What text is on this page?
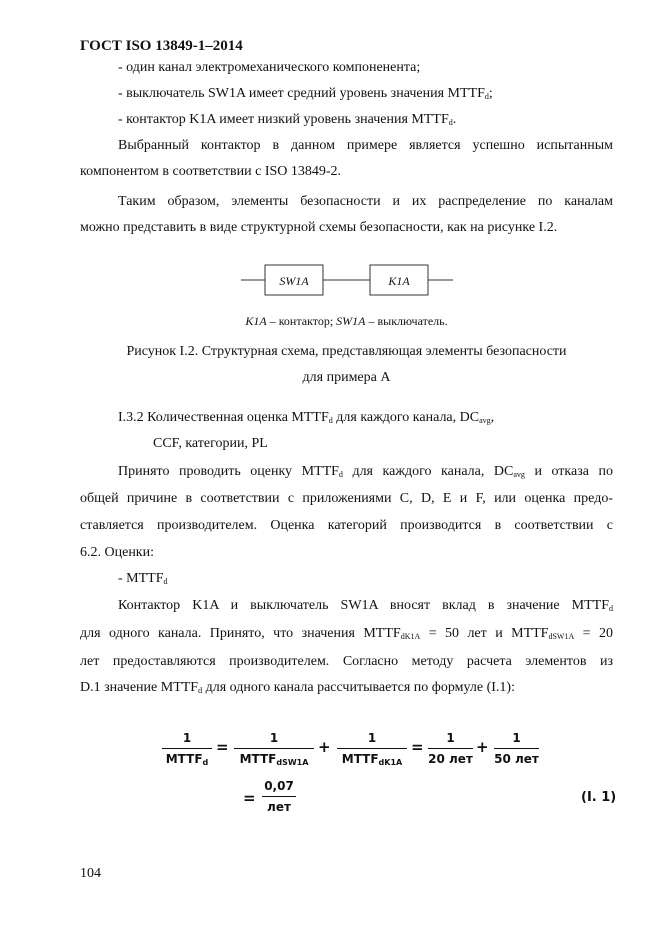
ГОСТ ISO 13849-1–2014
- один канал электромеханического компоненента;
- выключатель SW1A имеет средний уровень значения $MTTF_d$;
- контактор K1A имеет низкий уровень значения $MTTF_d$.
Выбранный контактор в данном примере является успешно испытанным
компонентом в соответствии с ISO 13849-2.
Таким образом, элементы безопасности и их распределение по каналам
можно представить в виде структурной схемы безопасности, как на рисунке I.2.
SW1A	K1A
K1A – контактор; SW1A – выключатель.
Рисунок I.2. Структурная схема, представляющая элементы безопасности
для примера A
I.3.2 Количественная оценка $MTTF_d$ для каждого канала, $DC_{avg}$,
CCF, категории, PL
Принято проводить оценку $MTTF_d$ для каждого канала, $DC_{avg}$ и отказа по
общей причине в соответствии с приложениями C, D, E и F, или оценка предо-
ставляется производителем. Оценка категорий производится в соответствии с
6.2. Оценки:
- $MTTF_d$
Контактор K1A и выключатель SW1A вносят вклад в значение $MTTF_d$
для одного канала. Принято, что значения $MTTF_{dK1A} = 50$ лет и $MTTF_{dSW1A} = 20$
лет предоставляются производителем. Согласно методу расчета элементов из
D.1 значение $MTTF_d$ для одного канала рассчитывается по формуле (I.1):
1
$MTTF_d$
=	1
$MTTF_{dSW1A}$
+	1
$MTTF_{dK1A}$
=	1
20 лет
+	1
50 лет
=
0,07
лет
(I. 1)
104
